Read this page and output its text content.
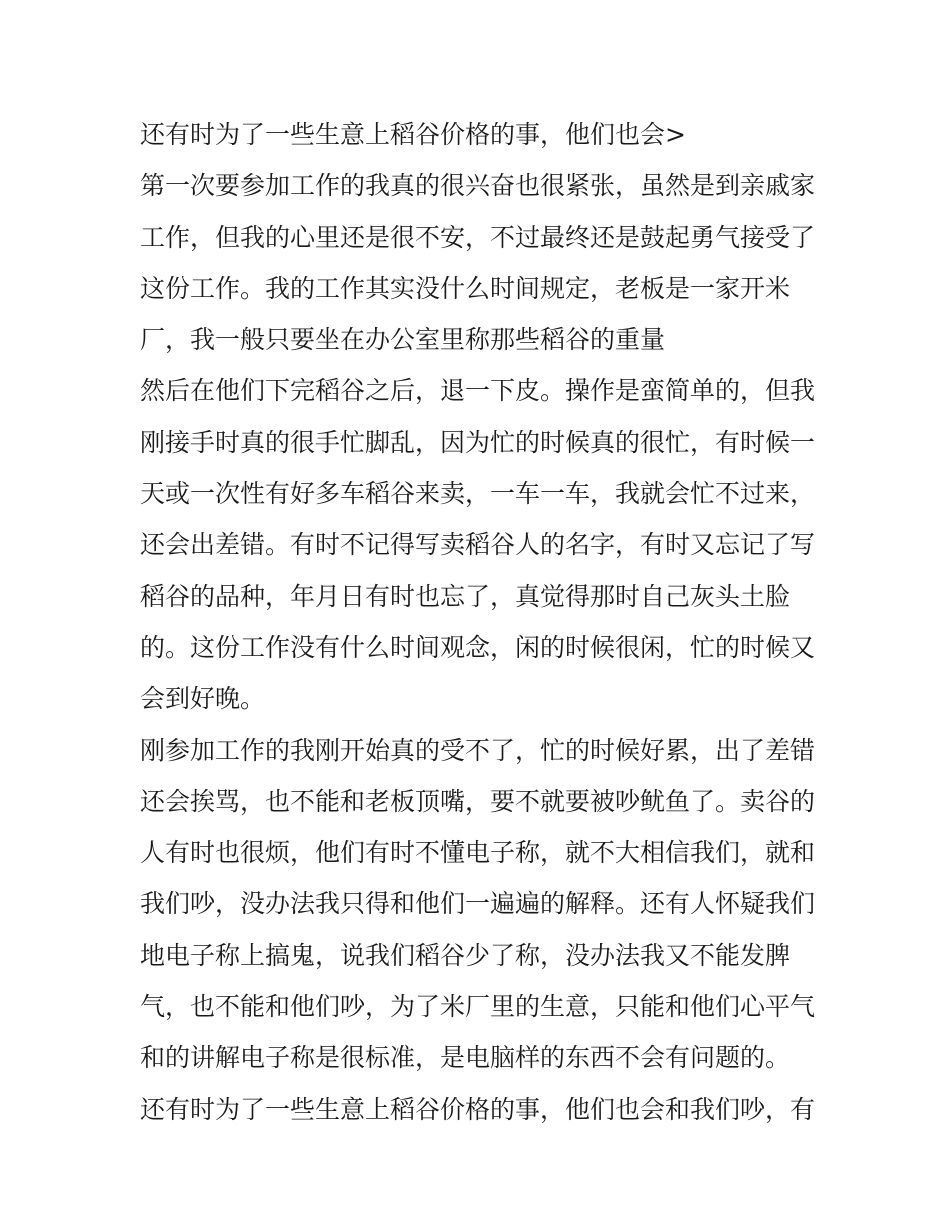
还有时为了一些生意上稻谷价格的事，他们也会>
第一次要参加工作的我真的很兴奋也很紧张，虽然是到亲戚家
工作，但我的心里还是很不安，不过最终还是鼓起勇气接受了
这份工作。我的工作其实没什么时间规定，老板是一家开米
厂，我一般只要坐在办公室里称那些稻谷的重量
然后在他们下完稻谷之后，退一下皮。操作是蛮简单的，但我
刚接手时真的很手忙脚乱，因为忙的时候真的很忙，有时候一
天或一次性有好多车稻谷来卖，一车一车，我就会忙不过来，
还会出差错。有时不记得写卖稻谷人的名字，有时又忘记了写
稻谷的品种，年月日有时也忘了，真觉得那时自己灰头土脸
的。这份工作没有什么时间观念，闲的时候很闲，忙的时候又
会到好晚。
刚参加工作的我刚开始真的受不了，忙的时候好累，出了差错
还会挨骂，也不能和老板顶嘴，要不就要被吵鱿鱼了。卖谷的
人有时也很烦，他们有时不懂电子称，就不大相信我们，就和
我们吵，没办法我只得和他们一遍遍的解释。还有人怀疑我们
地电子称上搞鬼，说我们稻谷少了称，没办法我又不能发脾
气，也不能和他们吵，为了米厂里的生意，只能和他们心平气
和的讲解电子称是很标准，是电脑样的东西不会有问题的。
还有时为了一些生意上稻谷价格的事，他们也会和我们吵，有
